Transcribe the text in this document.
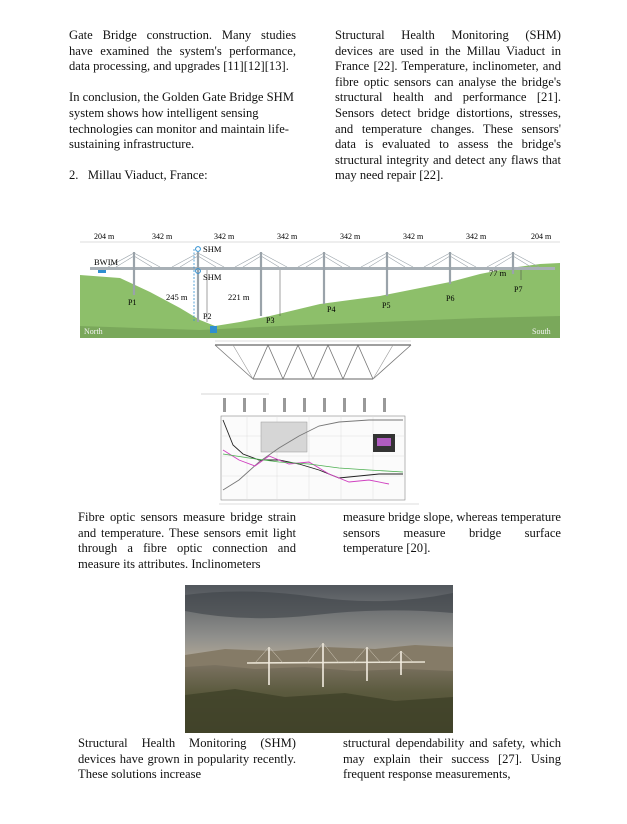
Gate Bridge construction. Many studies have examined the system's performance, data processing, and upgrades [11][12][13].

In conclusion, the Golden Gate Bridge SHM system shows how intelligent sensing technologies can monitor and maintain life-sustaining infrastructure.

2.   Millau Viaduct, France:

Structural Health Monitoring (SHM) devices are used in the Millau Viaduct in France [22]. Temperature, inclinometer, and fibre optic sensors can analyse the bridge's structural health and performance [21]. Sensors detect bridge distortions, stresses, and temperature changes. These sensors' data is evaluated to assess the bridge's structural integrity and detect any flaws that may need repair [22].

204 m	342 m	342 m	342 m	342 m	342 m	342 m	204 m
BWIM
SHM
SHM
245 m	221 m
77 m
P1
P2	P3
P4	P5
P6
P7
North	South

Fibre optic sensors measure bridge strain and temperature. These sensors emit light through a fibre optic connection and measure its attributes. Inclinometers

measure bridge slope, whereas temperature sensors measure bridge surface temperature [20].

Structural Health Monitoring (SHM) devices have grown in popularity recently. These solutions increase

structural dependability and safety, which may explain their success [27]. Using frequent response measurements,
